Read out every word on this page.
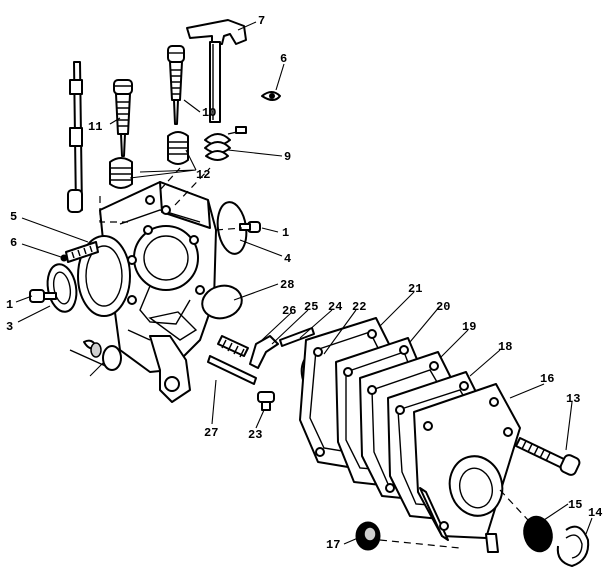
7
6
10
11
9
12
5
1
6
4
28	21
1	26 25 24 22	20
3	19
18
16
13
27 23
15
14
17
